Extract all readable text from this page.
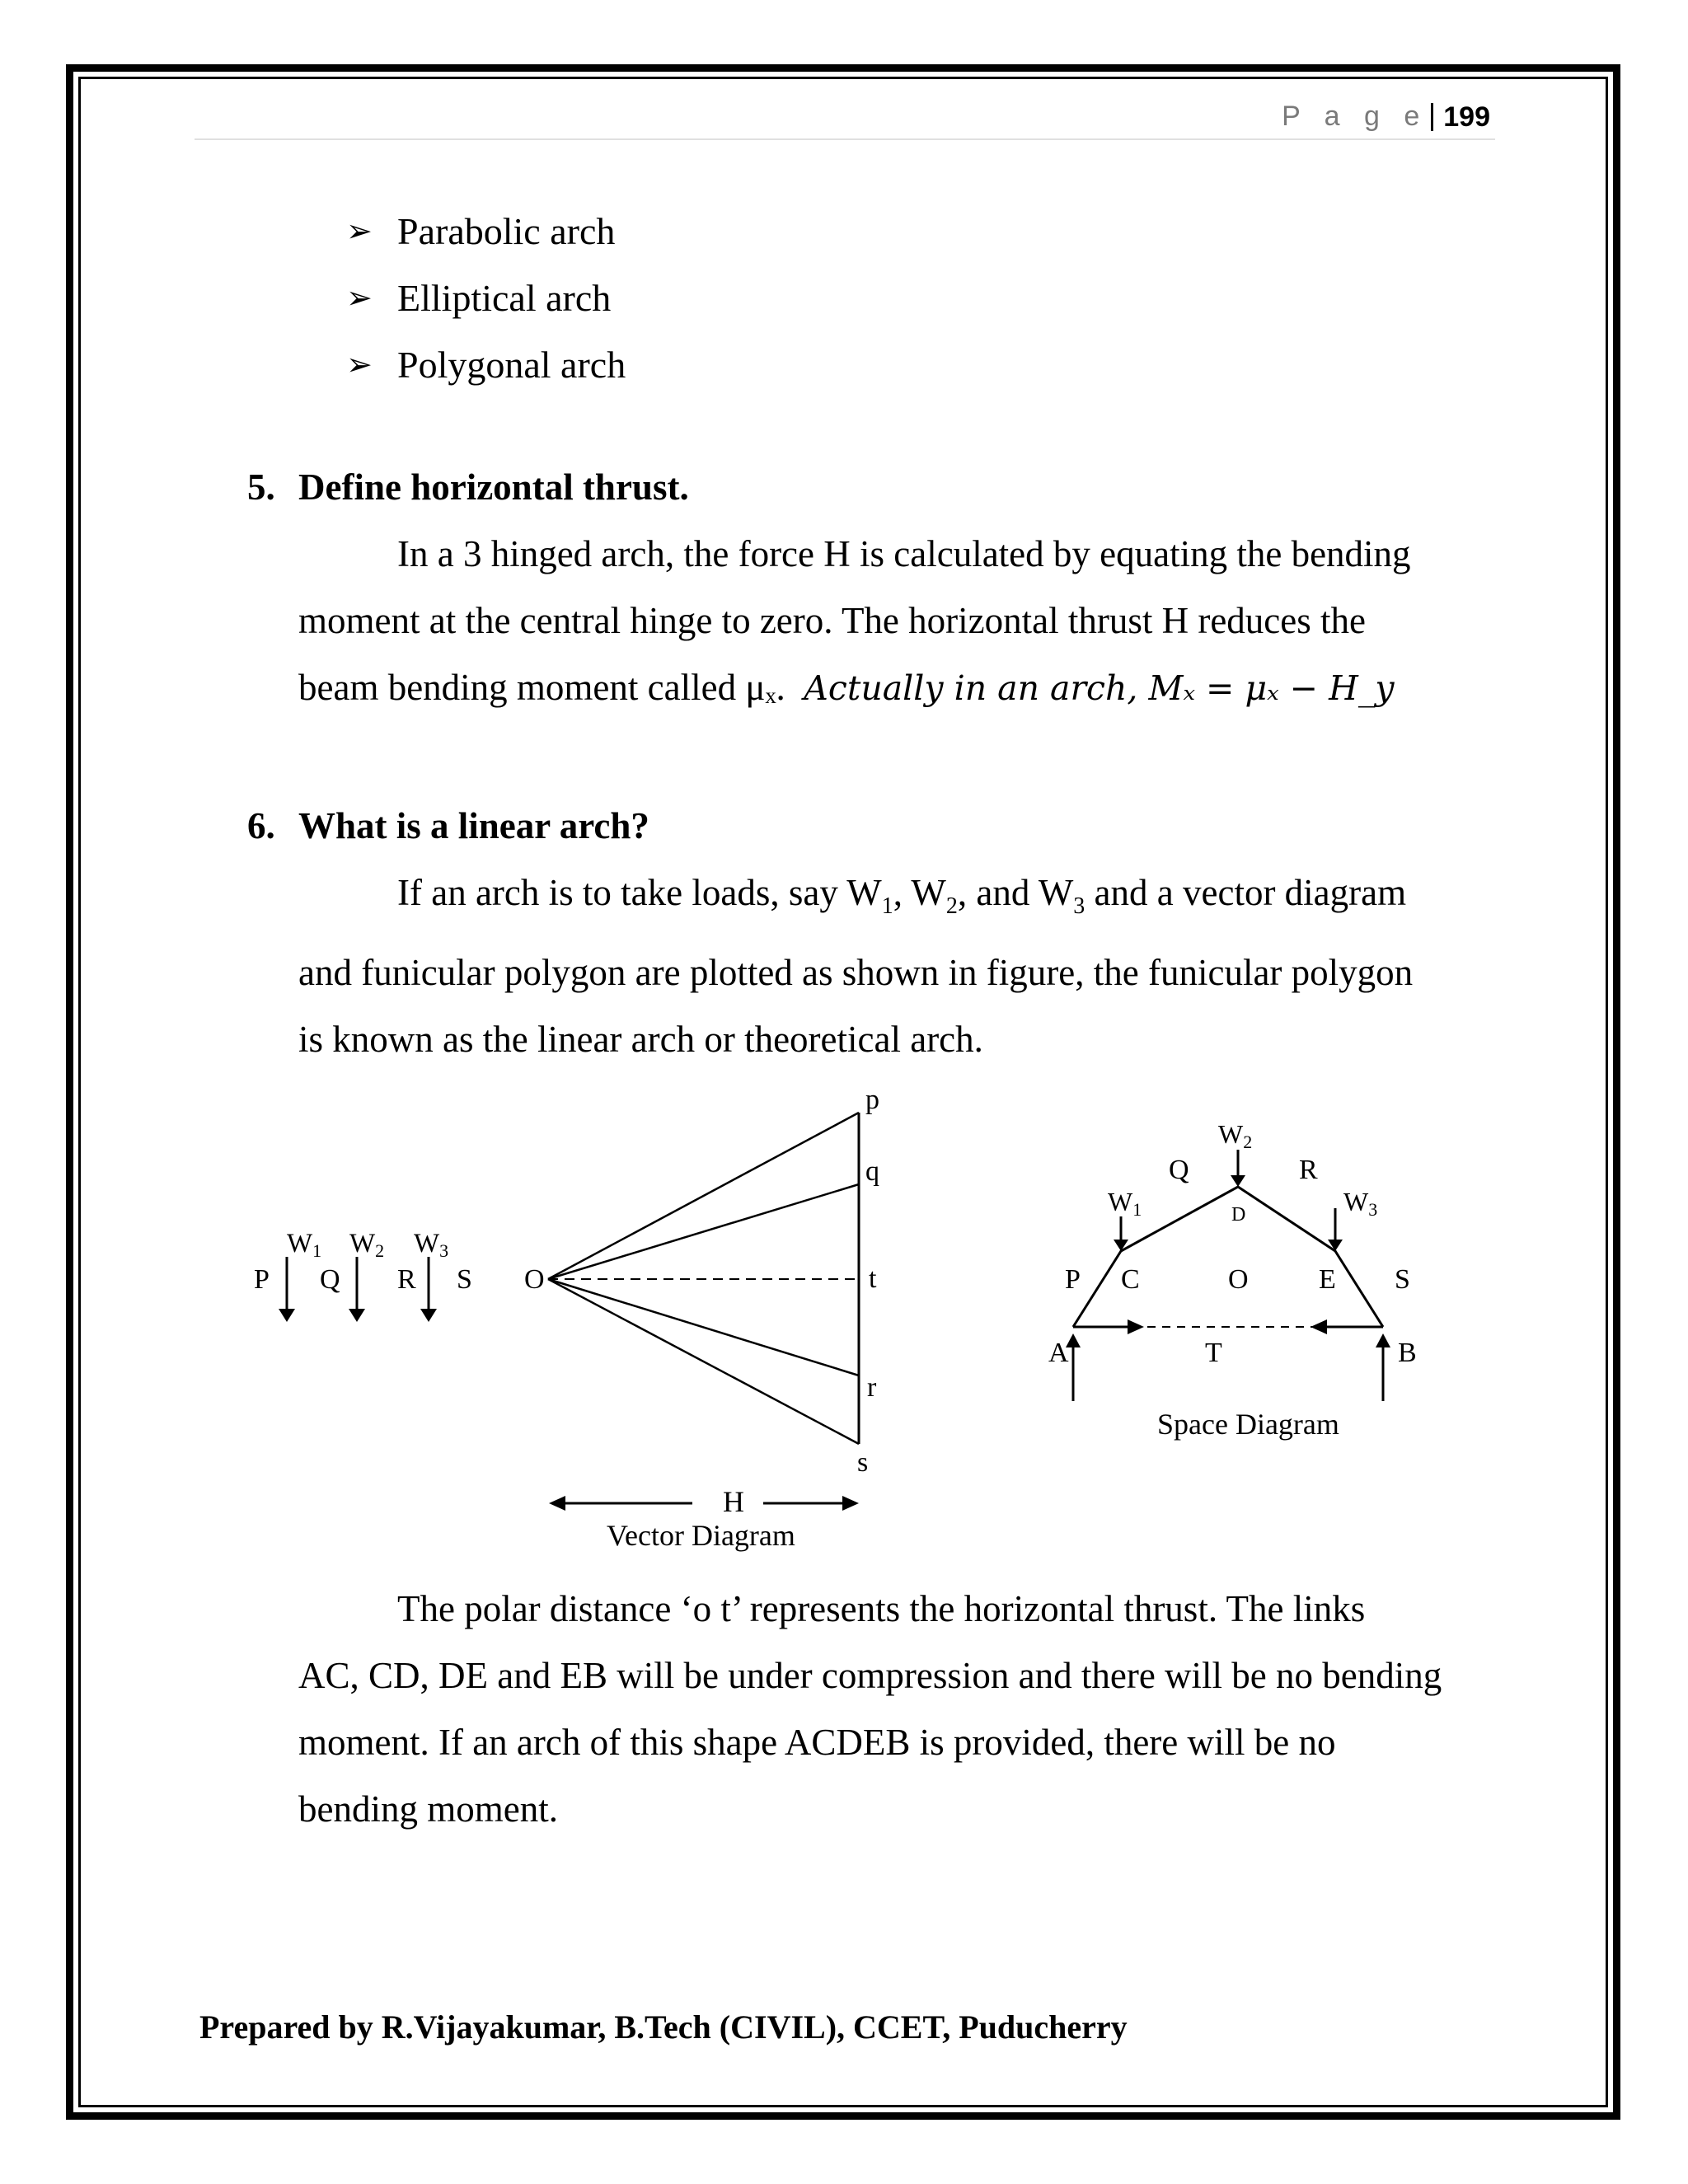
P a g e 199
➢ Parabolic arch
➢ Elliptical arch
➢ Polygonal arch
5. Define horizontal thrust.
In a 3 hinged arch, the force H is calculated by equating the bending
moment at the central hinge to zero. The horizontal thrust H reduces the
beam bending moment called μₓ. Actually in an arch, Mₓ = μₓ − H_y
6. What is a linear arch?
If an arch is to take loads, say $W_1$, $W_2$, and $W_3$ and a vector diagram
and funicular polygon are plotted as shown in figure, the funicular polygon
is known as the linear arch or theoretical arch.
W1 W2 W3
P Q R S O
p
q
t
r
s
H
Vector Diagram
W2
Q	R
D
W1	W3
P C	O	E S
A	T	B
Space Diagram
The polar distance ‘o t’ represents the horizontal thrust. The links
AC, CD, DE and EB will be under compression and there will be no bending
moment. If an arch of this shape ACDEB is provided, there will be no
bending moment.
Prepared by R.Vijayakumar, B.Tech (CIVIL), CCET, Puducherry
